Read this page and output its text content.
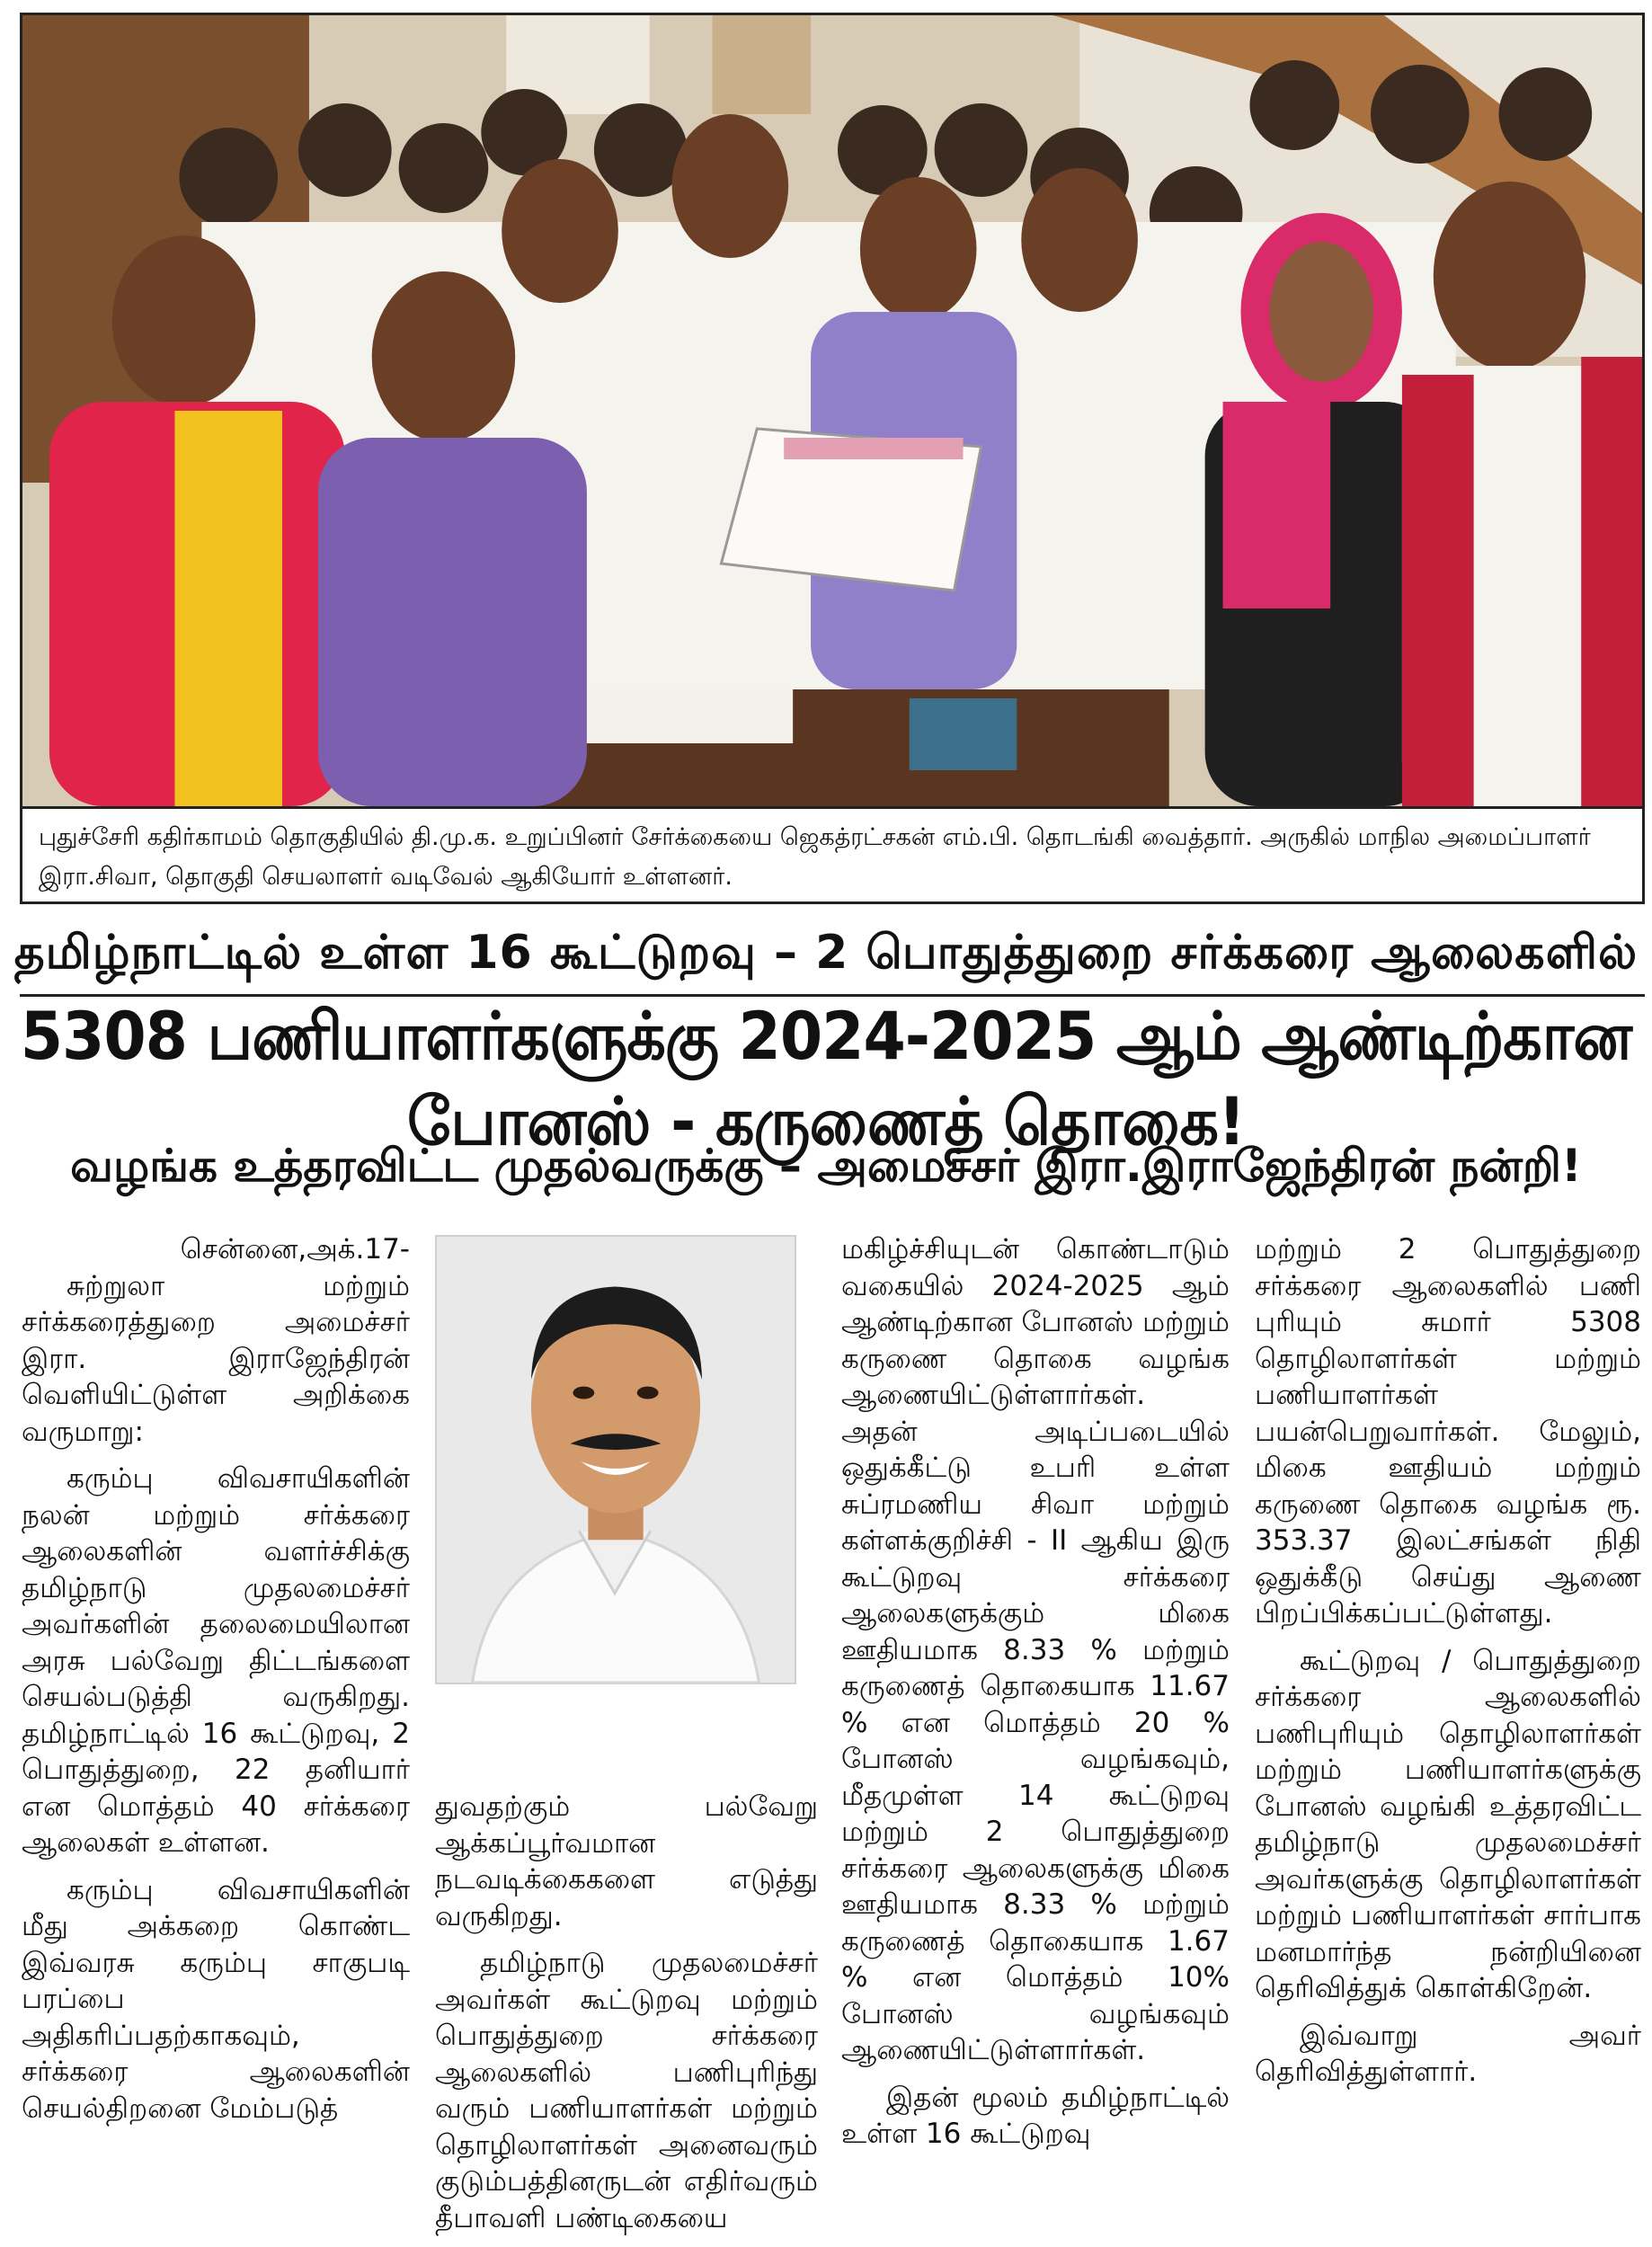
புதுச்சேரி கதிர்காமம் தொகுதியில் தி.மு.க. உறுப்பினர் சேர்க்கையை ஜெகத்ரட்சகன் எம்.பி. தொடங்கி வைத்தார். அருகில் மாநில அமைப்பாளர் இரா.சிவா, தொகுதி செயலாளர் வடிவேல் ஆகியோர் உள்ளனர்.
தமிழ்நாட்டில் உள்ள 16 கூட்டுறவு – 2 பொதுத்துறை சர்க்கரை ஆலைகளில்
5308 பணியாளர்களுக்கு 2024-2025 ஆம் ஆண்டிற்கான போனஸ் - கருணைத் தொகை!
வழங்க உத்தரவிட்ட முதல்வருக்கு – அமைச்சர் இரா.இராஜேந்திரன் நன்றி!

சென்னை,அக்.17-

சுற்றுலா மற்றும் சர்க்கரைத்துறை அமைச்சர் இரா. இராஜேந்திரன் வெளியிட்டுள்ள அறிக்கை வருமாறு:

கரும்பு விவசாயிகளின் நலன் மற்றும் சர்க்கரை ஆலைகளின் வளர்ச்சிக்கு தமிழ்நாடு முதலமைச்சர் அவர்களின் தலைமையிலான அரசு பல்வேறு திட்டங்களை செயல்படுத்தி வருகிறது. தமிழ்நாட்டில் 16 கூட்டுறவு, 2 பொதுத்துறை, 22 தனியார் என மொத்தம் 40 சர்க்கரை ஆலைகள் உள்ளன.

கரும்பு விவசாயிகளின் மீது அக்கறை கொண்ட இவ்வரசு கரும்பு சாகுபடி பரப்பை அதிகரிப்பதற்காகவும், சர்க்கரை ஆலைகளின் செயல்திறனை மேம்படுத்

துவதற்கும் பல்வேறு ஆக்கப்பூர்வமான நடவடிக்கைகளை எடுத்து வருகிறது.

தமிழ்நாடு முதலமைச்சர் அவர்கள் கூட்டுறவு மற்றும் பொதுத்துறை சர்க்கரை ஆலைகளில் பணிபுரிந்து வரும் பணியாளர்கள் மற்றும் தொழிலாளர்கள் அனைவரும் குடும்பத்தினருடன் எதிர்வரும் தீபாவளி பண்டிகையை

மகிழ்ச்சியுடன் கொண்டாடும் வகையில் 2024-2025 ஆம் ஆண்டிற்கான போனஸ் மற்றும் கருணை தொகை வழங்க ஆணையிட்டுள்ளார்கள். அதன் அடிப்படையில் ஒதுக்கீட்டு உபரி உள்ள சுப்ரமணிய சிவா மற்றும் கள்ளக்குறிச்சி - II ஆகிய இரு கூட்டுறவு சர்க்கரை ஆலைகளுக்கும் மிகை ஊதியமாக 8.33 % மற்றும் கருணைத் தொகையாக 11.67 % என மொத்தம் 20 % போனஸ் வழங்கவும், மீதமுள்ள 14 கூட்டுறவு மற்றும் 2 பொதுத்துறை சர்க்கரை ஆலைகளுக்கு மிகை ஊதியமாக 8.33 % மற்றும் கருணைத் தொகையாக 1.67 % என மொத்தம் 10% போனஸ் வழங்கவும் ஆணையிட்டுள்ளார்கள்.

இதன் மூலம் தமிழ்நாட்டில் உள்ள 16 கூட்டுறவு

மற்றும் 2 பொதுத்துறை சர்க்கரை ஆலைகளில் பணி புரியும் சுமார் 5308 தொழிலாளர்கள் மற்றும் பணியாளர்கள் பயன்பெறுவார்கள். மேலும், மிகை ஊதியம் மற்றும் கருணை தொகை வழங்க ரூ. 353.37 இலட்சங்கள் நிதி ஒதுக்கீடு செய்து ஆணை பிறப்பிக்கப்பட்டுள்ளது.

கூட்டுறவு / பொதுத்துறை சர்க்கரை ஆலைகளில் பணிபுரியும் தொழிலாளர்கள் மற்றும் பணியாளர்களுக்கு போனஸ் வழங்கி உத்தரவிட்ட தமிழ்நாடு முதலமைச்சர் அவர்களுக்கு தொழிலாளர்கள் மற்றும் பணியாளர்கள் சார்பாக மனமார்ந்த நன்றியினை தெரிவித்துக் கொள்கிறேன்.

இவ்வாறு அவர் தெரிவித்துள்ளார்.
